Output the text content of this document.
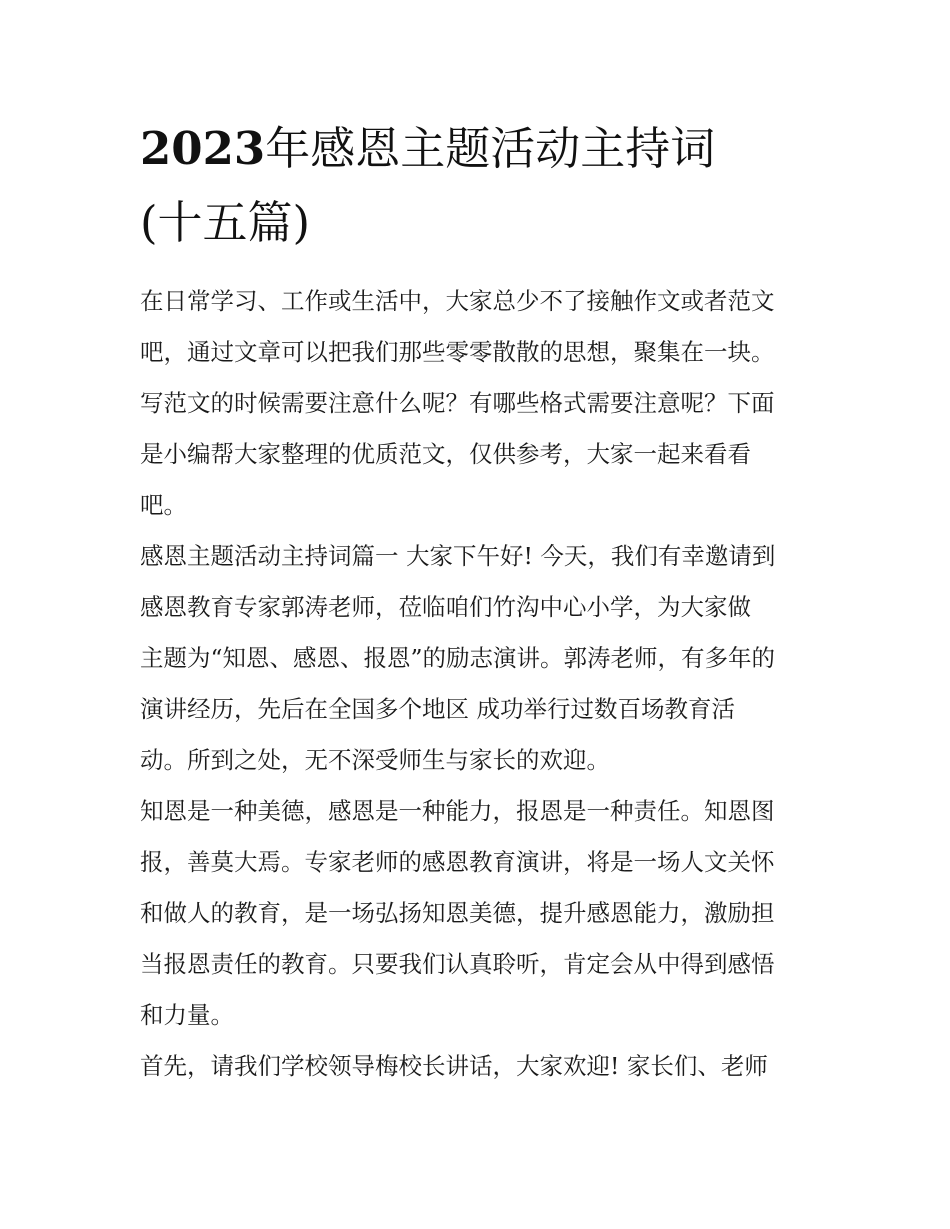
2023年感恩主题活动主持词
(十五篇)

在日常学习、工作或生活中，大家总少不了接触作文或者范文
吧，通过文章可以把我们那些零零散散的思想，聚集在一块。
写范文的时候需要注意什么呢？有哪些格式需要注意呢？下面
是小编帮大家整理的优质范文，仅供参考，大家一起来看看
吧。

感恩主题活动主持词篇一 大家下午好! 今天，我们有幸邀请到
感恩教育专家郭涛老师，莅临咱们竹沟中心小学，为大家做
主题为“知恩、感恩、报恩”的励志演讲。郭涛老师，有多年的
演讲经历，先后在全国多个地区 成功举行过数百场教育活
动。所到之处，无不深受师生与家长的欢迎。

知恩是一种美德，感恩是一种能力，报恩是一种责任。知恩图
报，善莫大焉。专家老师的感恩教育演讲，将是一场人文关怀
和做人的教育，是一场弘扬知恩美德，提升感恩能力，激励担
当报恩责任的教育。只要我们认真聆听，肯定会从中得到感悟
和力量。

首先，请我们学校领导梅校长讲话，大家欢迎! 家长们、老师
